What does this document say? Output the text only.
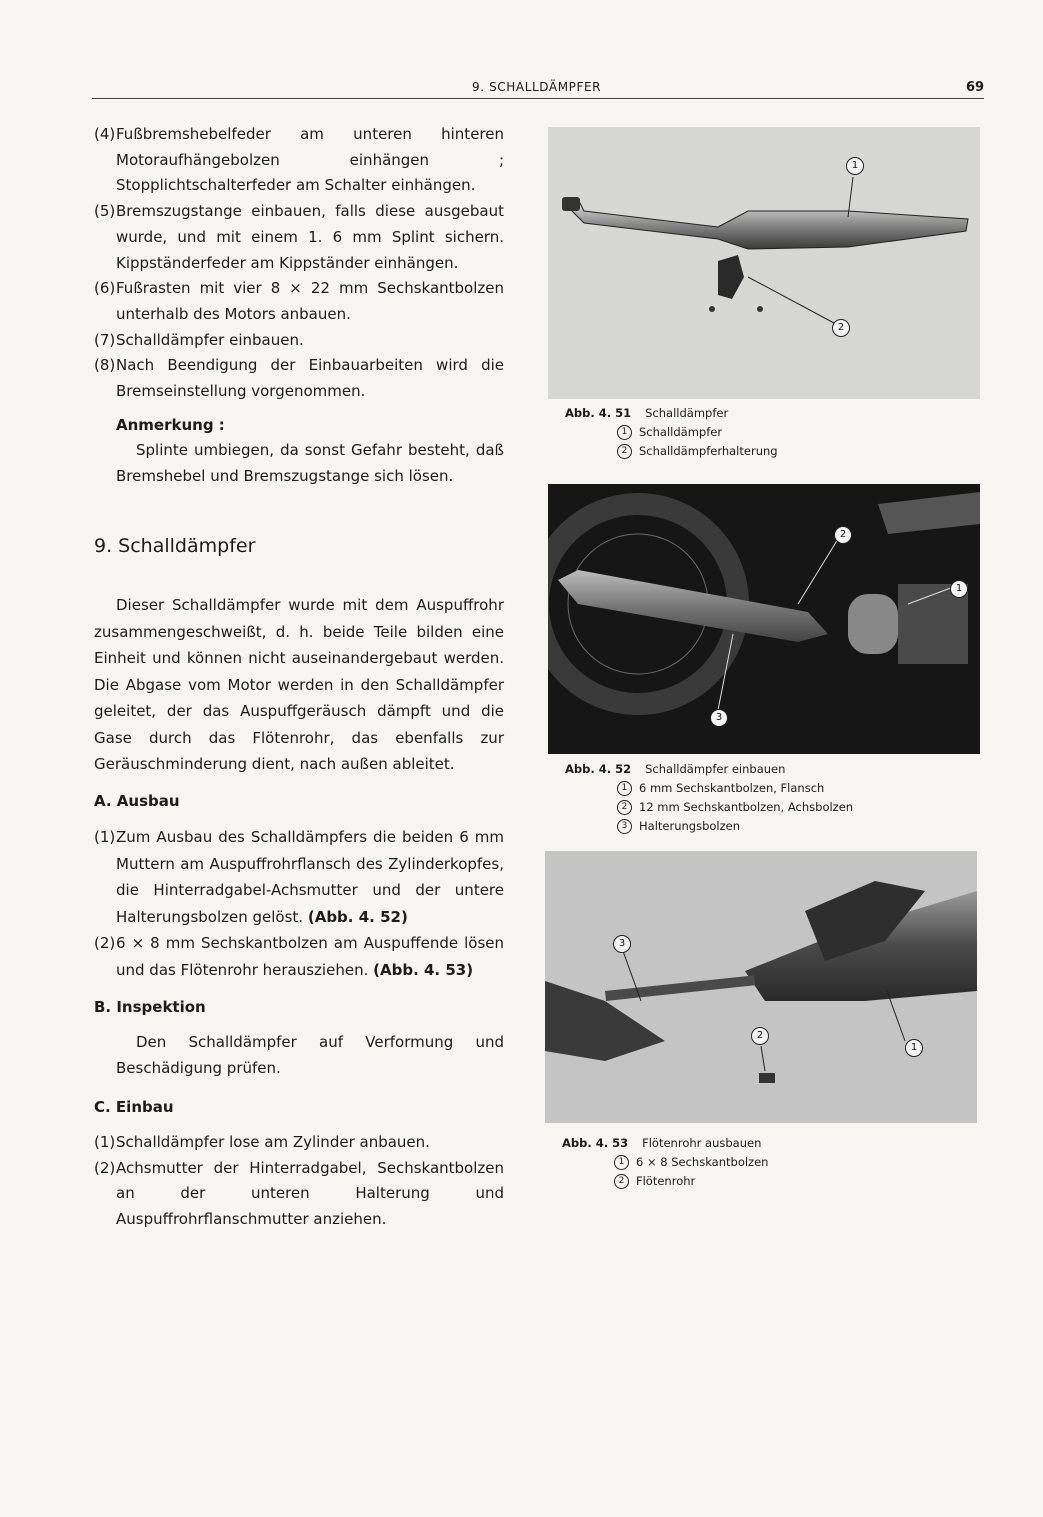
9. SCHALLDÄMPFER	69
(4) Fußbremshebelfeder am unteren hinteren Motoraufhängebolzen einhängen ; Stopplichtschalterfeder am Schalter einhängen.
(5) Bremszugstange einbauen, falls diese ausgebaut wurde, und mit einem 1. 6 mm Splint sichern. Kippständerfeder am Kippständer einhängen.
(6) Fußrasten mit vier 8 × 22 mm Sechskantbolzen unterhalb des Motors anbauen.
(7) Schalldämpfer einbauen.
(8) Nach Beendigung der Einbauarbeiten wird die Bremseinstellung vorgenommen.
Anmerkung :
Splinte umbiegen, da sonst Gefahr besteht, daß Bremshebel und Bremszugstange sich lösen.
9. Schalldämpfer
Dieser Schalldämpfer wurde mit dem Auspuffrohr zusammengeschweißt, d. h. beide Teile bilden eine Einheit und können nicht auseinandergebaut werden. Die Abgase vom Motor werden in den Schalldämpfer geleitet, der das Auspuffgeräusch dämpft und die Gase durch das Flötenrohr, das ebenfalls zur Geräuschminderung dient, nach außen ableitet.
A. Ausbau
(1) Zum Ausbau des Schalldämpfers die beiden 6 mm Muttern am Auspuffrohrflansch des Zylinderkopfes, die Hinterradgabel-Achsmutter und der untere Halterungsbolzen gelöst. (Abb. 4. 52)
(2) 6 × 8 mm Sechskantbolzen am Auspuffende lösen und das Flötenrohr herausziehen. (Abb. 4. 53)
B. Inspektion
Den Schalldämpfer auf Verformung und Beschädigung prüfen.
C. Einbau
(1) Schalldämpfer lose am Zylinder anbauen.
(2) Achsmutter der Hinterradgabel, Sechskantbolzen an der unteren Halterung und Auspuffrohrflanschmutter anziehen.
1
2
Abb. 4. 51 Schalldämpfer
1 Schalldämpfer
2 Schalldämpferhalterung
2
1
3
Abb. 4. 52 Schalldämpfer einbauen
1 6 mm Sechskantbolzen, Flansch
2 12 mm Sechskantbolzen, Achsbolzen
3 Halterungsbolzen
3
2
1
Abb. 4. 53 Flötenrohr ausbauen
1 6 × 8 Sechskantbolzen
2 Flötenrohr
